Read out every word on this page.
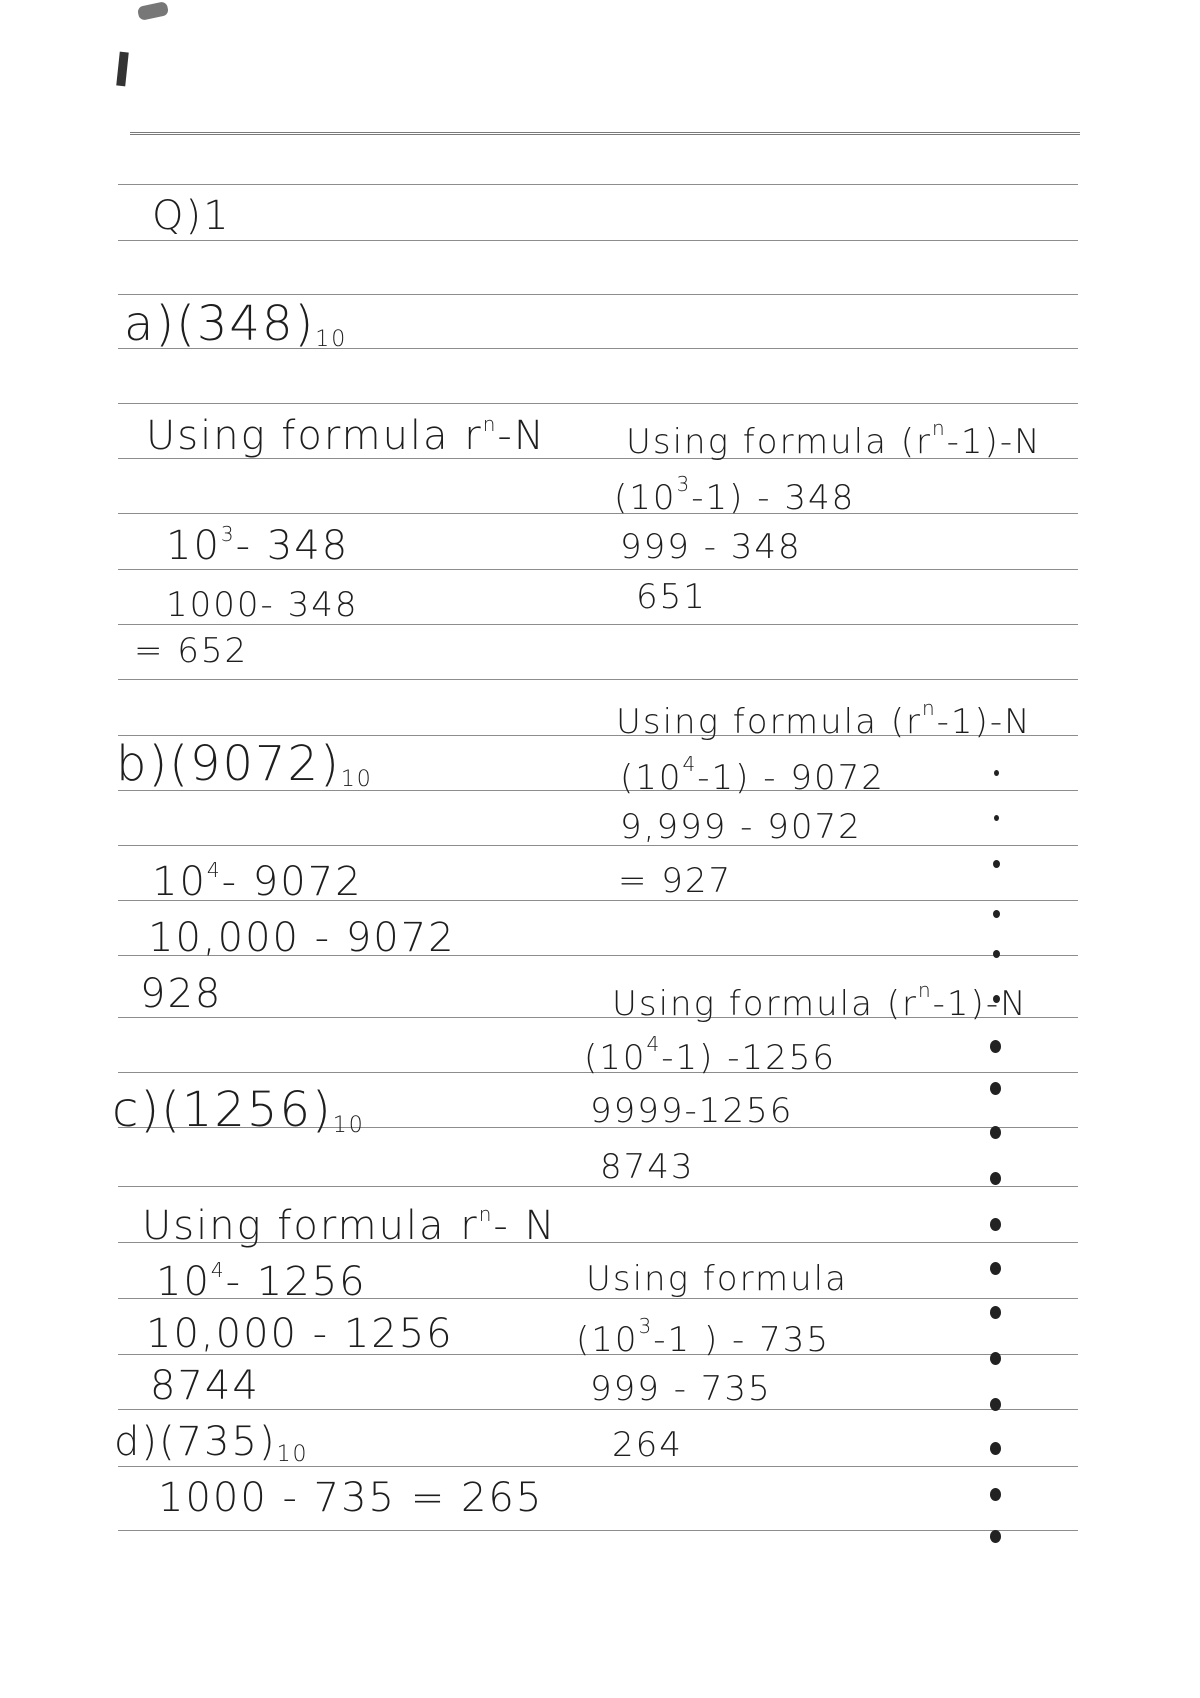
Q)1
$a)(348)_{10}$
Using formula $r^n-N$ Using formula $(r^n-1)-N$
$(10^3-1) - 348$
$10^3-$ 348	999 - 348
651
1000- 348
= 652
Using formula $(r^n-1)-N$
$b)(9072)_{10}$	$(10^4-1) - 9072$
9,999 - 9072
$10^4-$ 9072	= 927
10,000 - 9072
928	Using formula $(r^n-1)-N$
$(10^4-1)$ -1256
$c)(1256)_{10}$	9999-1256
8743
Using formula $r^n-$ N
$10^4-$ 1256
10,000 - 1256
8744
Using formula
($10^3-1$ ) - 735
999 - 735
$d)(735)_{10}$	264
1000 - 735 = 265
